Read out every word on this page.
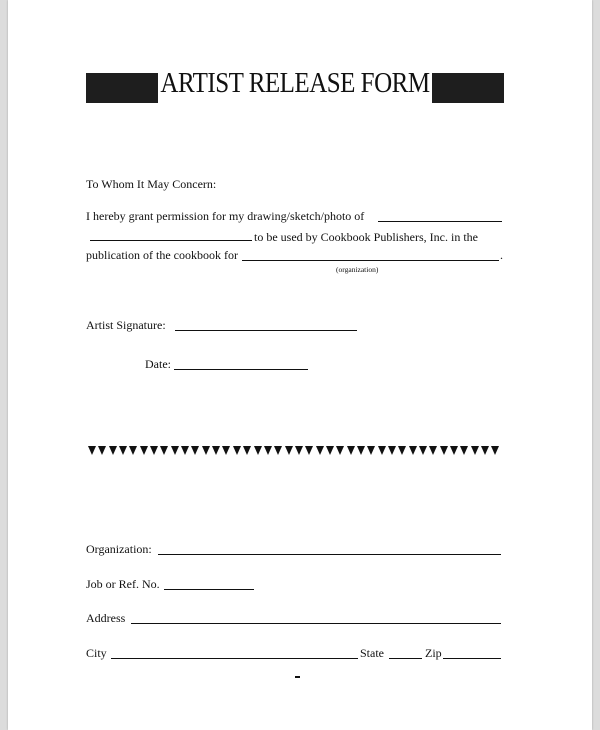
ARTIST RELEASE FORM
To Whom It May Concern:
I hereby grant permission for my drawing/sketch/photo of
to be used by Cookbook Publishers, Inc. in the
publication of the cookbook for	.
(organization)
Artist Signature:
Date:
Organization:
Job or Ref. No.
Address
City	State	Zip
